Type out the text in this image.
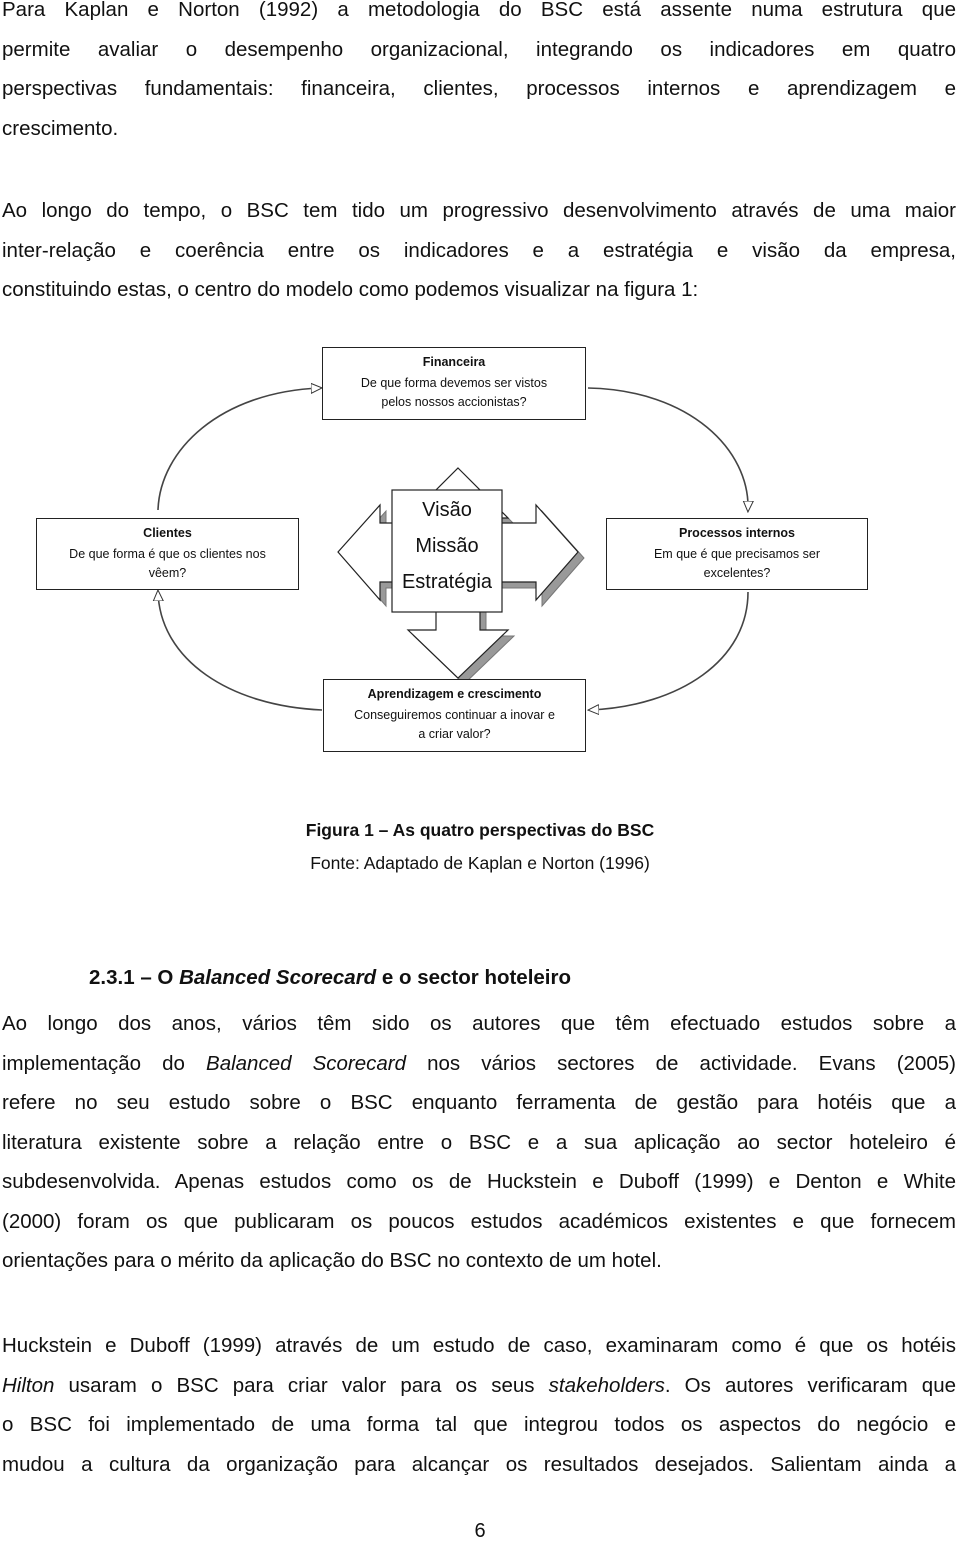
Para Kaplan e Norton (1992) a metodologia do BSC está assente numa estrutura que
permite avaliar o desempenho organizacional, integrando os indicadores em quatro
perspectivas fundamentais: financeira, clientes, processos internos e aprendizagem e
crescimento.
Ao longo do tempo, o BSC tem tido um progressivo desenvolvimento através de uma maior
inter-relação e coerência entre os indicadores e a estratégia e visão da empresa,
constituindo estas, o centro do modelo como podemos visualizar na figura 1:
Financeira
De que forma devemos ser vistos
pelos nossos accionistas?
Clientes
De que forma é que os clientes nos
vêem?
Processos internos
Em que é que precisamos ser
excelentes?
Aprendizagem e crescimento
Conseguiremos continuar a inovar e
a criar valor?
Visão
Missão
Estratégia
Figura 1 – As quatro perspectivas do BSC
Fonte: Adaptado de Kaplan e Norton (1996)
2.3.1 – O Balanced Scorecard e o sector hoteleiro
Ao longo dos anos, vários têm sido os autores que têm efectuado estudos sobre a
implementação do Balanced Scorecard nos vários sectores de actividade. Evans (2005)
refere no seu estudo sobre o BSC enquanto ferramenta de gestão para hotéis que a
literatura existente sobre a relação entre o BSC e a sua aplicação ao sector hoteleiro é
subdesenvolvida. Apenas estudos como os de Huckstein e Duboff (1999) e Denton e White
(2000) foram os que publicaram os poucos estudos académicos existentes e que fornecem
orientações para o mérito da aplicação do BSC no contexto de um hotel.
Huckstein e Duboff (1999) através de um estudo de caso, examinaram como é que os hotéis
Hilton usaram o BSC para criar valor para os seus stakeholders. Os autores verificaram que
o BSC foi implementado de uma forma tal que integrou todos os aspectos do negócio e
mudou a cultura da organização para alcançar os resultados desejados. Salientam ainda a
6
